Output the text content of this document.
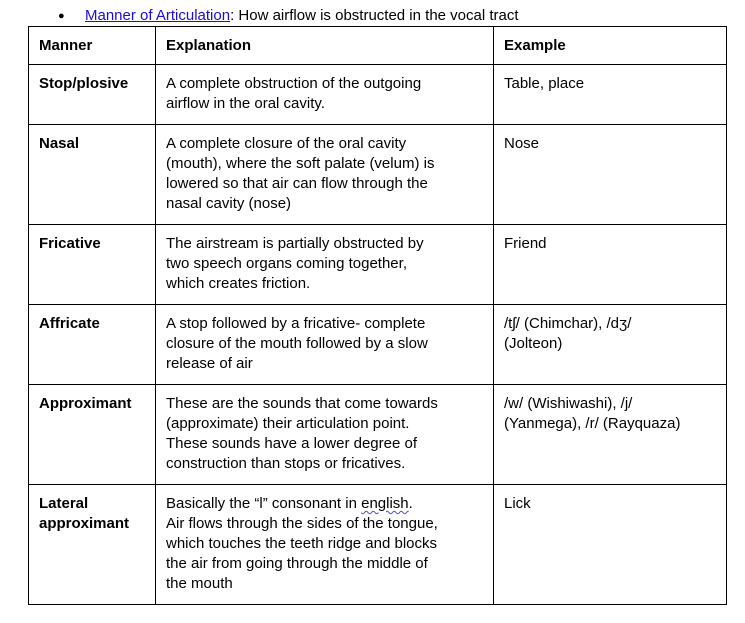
● Manner of Articulation: How airflow is obstructed in the vocal tract
Manner	Explanation	Example
Stop/plosive	A complete obstruction of the outgoing
airflow in the oral cavity.	Table, place
Nasal	A complete closure of the oral cavity
(mouth), where the soft palate (velum) is
lowered so that air can flow through the
nasal cavity (nose)	Nose
Fricative	The airstream is partially obstructed by
two speech organs coming together,
which creates friction.	Friend
Affricate	A stop followed by a fricative- complete
closure of the mouth followed by a slow
release of air	/tʃ/ (Chimchar), /dʒ/
(Jolteon)
Approximant	These are the sounds that come towards
(approximate) their articulation point.
These sounds have a lower degree of
construction than stops or fricatives.	/w/ (Wishiwashi), /j/
(Yanmega), /r/ (Rayquaza)
Lateral
approximant	Basically the “l” consonant in english.
Air flows through the sides of the tongue,
which touches the teeth ridge and blocks
the air from going through the middle of
the mouth	Lick
